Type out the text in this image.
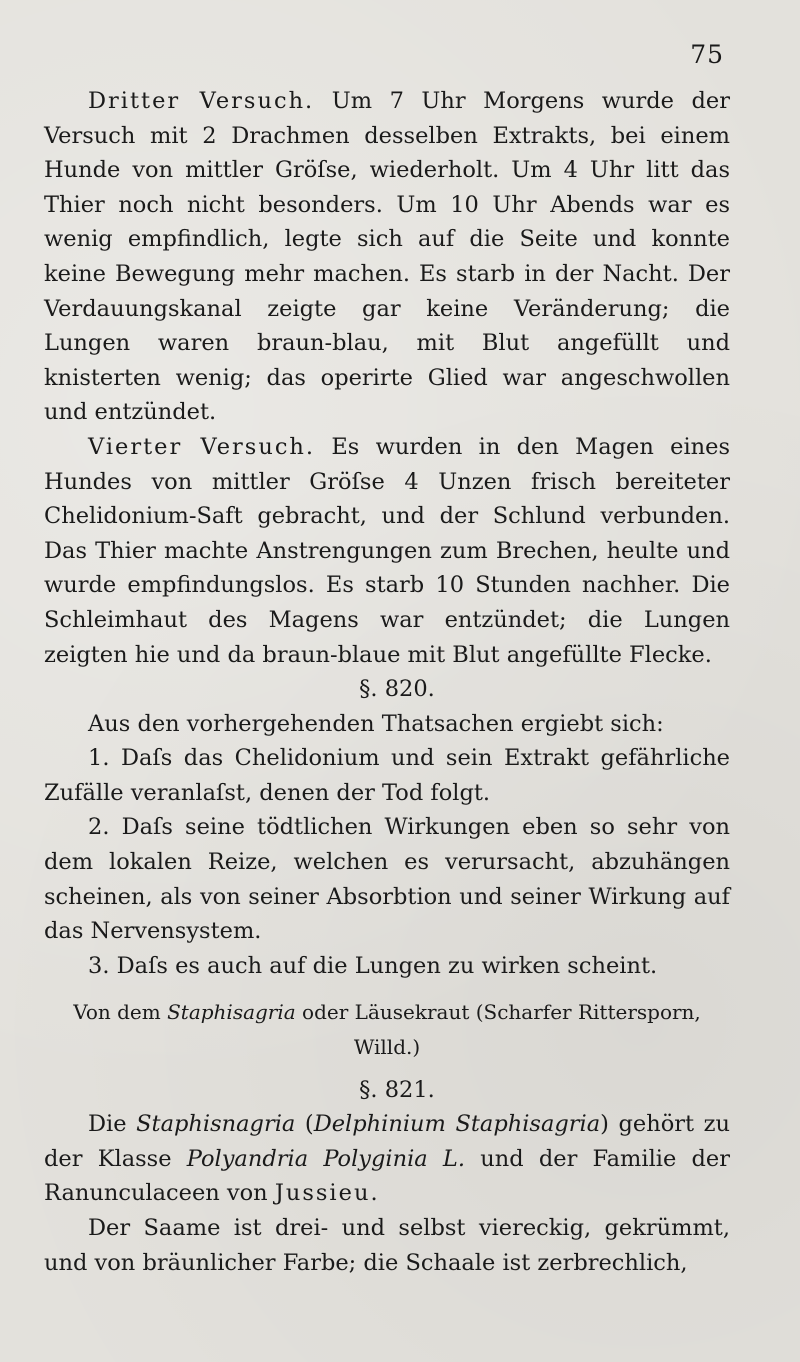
75

Dritter Versuch. Um 7 Uhr Morgens wurde der Versuch mit 2 Drachmen desselben Extrakts, bei einem Hunde von mittler Gröſse, wiederholt. Um 4 Uhr litt das Thier noch nicht besonders. Um 10 Uhr Abends war es wenig empfindlich, legte sich auf die Seite und konnte keine Bewegung mehr machen. Es starb in der Nacht. Der Verdauungskanal zeigte gar keine Veränderung; die Lungen waren braun-blau, mit Blut angefüllt und knisterten wenig; das operirte Glied war angeschwollen und entzündet.

Vierter Versuch. Es wurden in den Magen eines Hundes von mittler Gröſse 4 Unzen frisch bereiteter Chelidonium-Saft gebracht, und der Schlund verbunden. Das Thier machte Anstrengungen zum Brechen, heulte und wurde empfindungslos. Es starb 10 Stunden nachher. Die Schleimhaut des Magens war entzündet; die Lungen zeigten hie und da braun-blaue mit Blut angefüllte Flecke.

§. 820.

Aus den vorhergehenden Thatsachen ergiebt sich:

1. Daſs das Chelidonium und sein Extrakt gefährliche Zufälle veranlaſst, denen der Tod folgt.

2. Daſs seine tödtlichen Wirkungen eben so sehr von dem lokalen Reize, welchen es verursacht, abzuhängen scheinen, als von seiner Absorbtion und seiner Wirkung auf das Nervensystem.

3. Daſs es auch auf die Lungen zu wirken scheint.

Von dem Staphisagria oder Läusekraut (Scharfer Rittersporn, Willd.)

§. 821.

Die Staphisnagria (Delphinium Staphisagria) gehört zu der Klasse Polyandria Polyginia L. und der Familie der Ranunculaceen von Jussieu.

Der Saame ist drei- und selbst viereckig, gekrümmt, und von bräunlicher Farbe; die Schaale ist zerbrechlich,
